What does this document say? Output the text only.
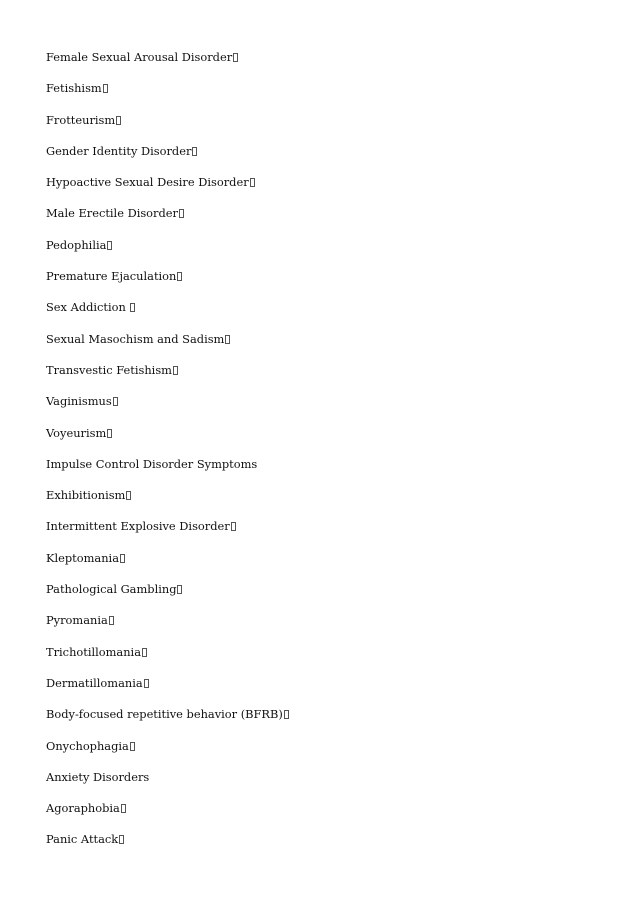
Female Sexual Arousal Disorder
Fetishism
Frotteurism
Gender Identity Disorder
Hypoactive Sexual Desire Disorder
Male Erectile Disorder
Pedophilia
Premature Ejaculation
Sex Addiction
Sexual Masochism and Sadism
Transvestic Fetishism
Vaginismus
Voyeurism
Impulse Control Disorder Symptoms
Exhibitionism
Intermittent Explosive Disorder
Kleptomania
Pathological Gambling
Pyromania
Trichotillomania
Dermatillomania
Body-focused repetitive behavior (BFRB)
Onychophagia
Anxiety Disorders
Agoraphobia
Panic Attack
